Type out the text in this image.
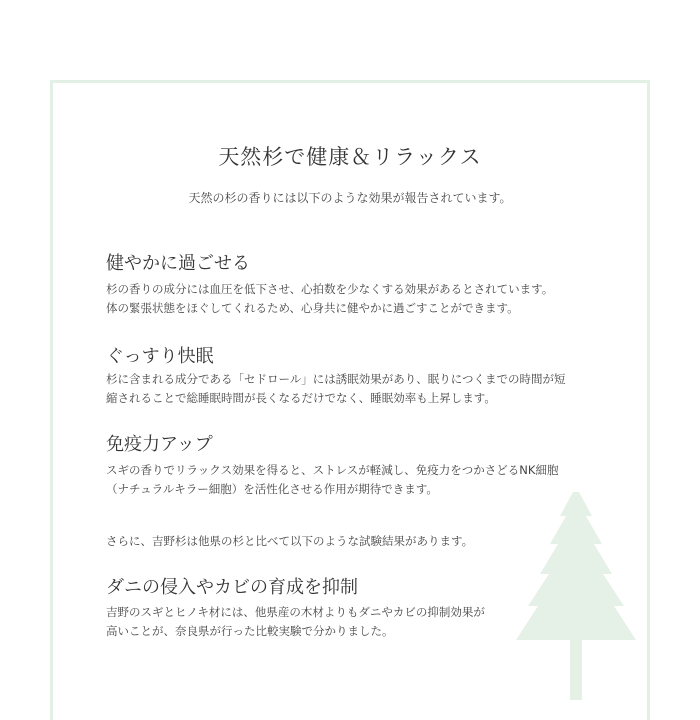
天然杉で健康＆リラックス

天然の杉の香りには以下のような効果が報告されています。

健やかに過ごせる

杉の香りの成分には血圧を低下させ、心拍数を少なくする効果があるとされています。
体の緊張状態をほぐしてくれるため、心身共に健やかに過ごすことができます。

ぐっすり快眠

杉に含まれる成分である「セドロール」には誘眠効果があり、眠りにつくまでの時間が短
縮されることで総睡眠時間が長くなるだけでなく、睡眠効率も上昇します。

免疫力アップ

スギの香りでリラックス効果を得ると、ストレスが軽減し、免疫力をつかさどるNK細胞
（ナチュラルキラー細胞）を活性化させる作用が期待できます。

さらに、吉野杉は他県の杉と比べて以下のような試験結果があります。

ダニの侵入やカビの育成を抑制

吉野のスギとヒノキ材には、他県産の木材よりもダニやカビの抑制効果が
高いことが、奈良県が行った比較実験で分かりました。
